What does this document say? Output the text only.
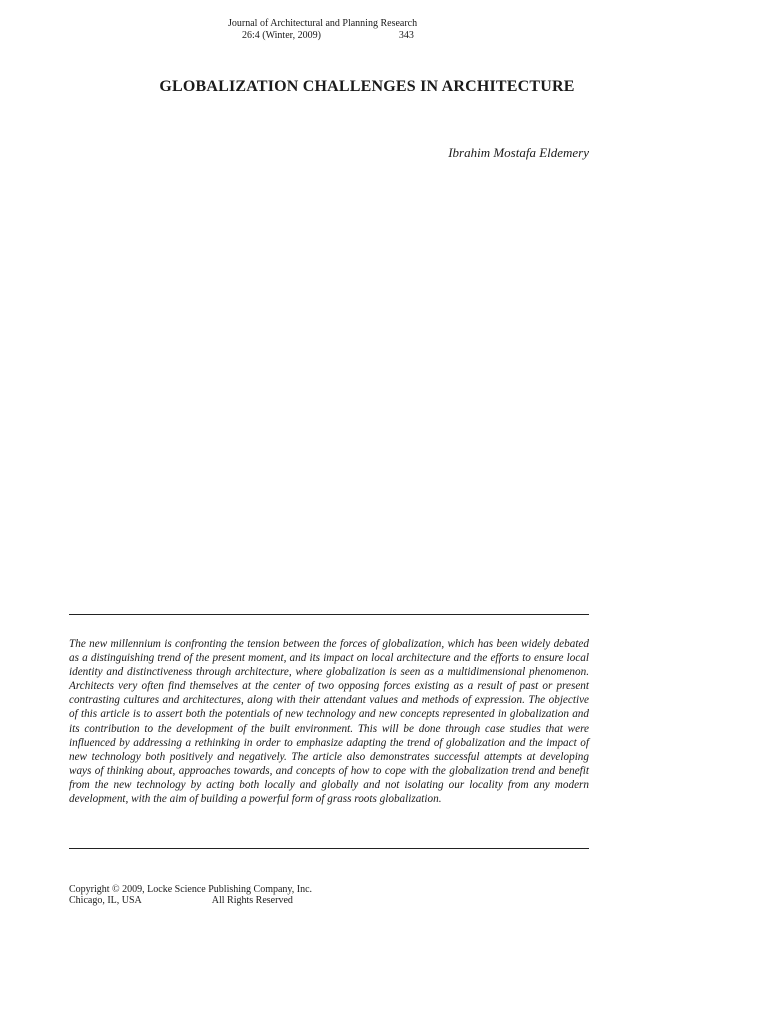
Journal of Architectural and Planning Research
26:4 (Winter, 2009)	343
GLOBALIZATION CHALLENGES IN ARCHITECTURE
Ibrahim Mostafa Eldemery

The new millennium is confronting the tension between the forces of globalization, which has been widely debated as a distinguishing trend of the present moment, and its impact on local architecture and the efforts to ensure local identity and distinctiveness through architecture, where globalization is seen as a multidimensional phenomenon. Architects very often find themselves at the center of two opposing forces existing as a result of past or present contrasting cultures and architectures, along with their attendant values and methods of expression. The objective of this article is to assert both the potentials of new technology and new concepts represented in globalization and its contribution to the development of the built environment. This will be done through case studies that were influenced by addressing a rethinking in order to emphasize adapting the trend of globalization and the impact of new technology both positively and negatively. The article also demonstrates successful attempts at developing ways of thinking about, approaches towards, and concepts of how to cope with the globalization trend and benefit from the new technology by acting both locally and globally and not isolating our locality from any modern development, with the aim of building a powerful form of grass roots globalization.

Copyright © 2009, Locke Science Publishing Company, Inc.
Chicago, IL, USA	All Rights Reserved
